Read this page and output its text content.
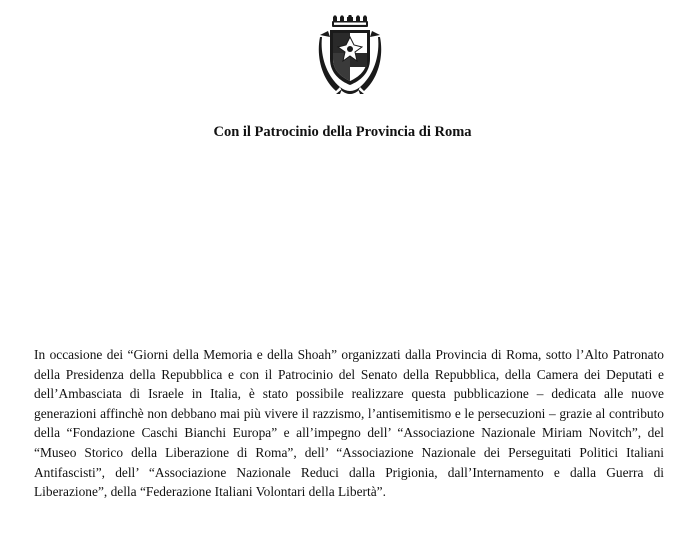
Con il Patrocinio della Provincia di Roma

In occasione dei “Giorni della Memoria e della Shoah” organizzati dalla Provincia di Roma, sotto l’Alto Patronato della Presidenza della Repubblica e con il Patrocinio del Senato della Repubblica, della Camera dei Deputati e dell’Ambasciata di Israele in Italia, è stato possibile realizzare questa pubblicazione – dedicata alle nuove generazioni affinchè non debbano mai più vivere il razzismo, l’antisemitismo e le persecuzioni – grazie al contributo della “Fondazione Caschi Bianchi Europa” e all’impegno dell’ “Associazione Nazionale Miriam Novitch”, del “Museo Storico della Liberazione di Roma”, dell’ “Associazione Nazionale dei Perseguitati Politici Italiani Antifascisti”, dell’ “Associazione Nazionale Reduci dalla Prigionia, dall’Internamento e dalla Guerra di Liberazione”, della “Federazione Italiani Volontari della Libertà”.
